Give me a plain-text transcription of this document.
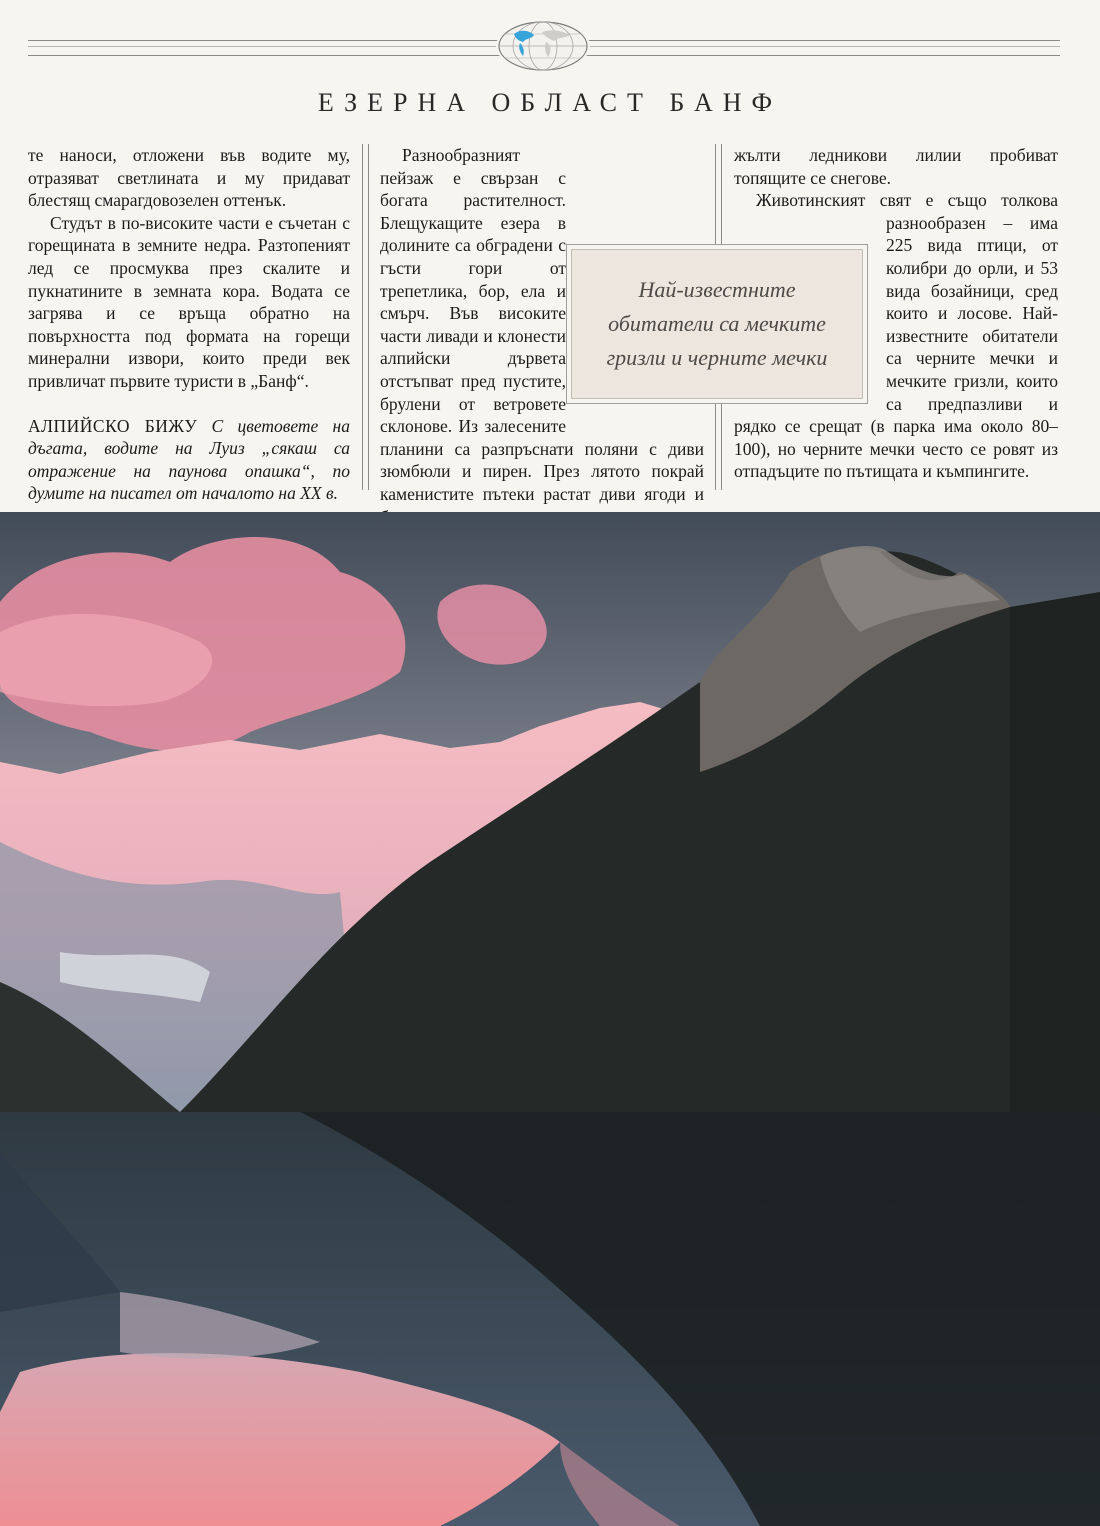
ЕЗЕРНА ОБЛАСТ БАНФ

те наноси, отложени във водите му, отразяват светлината и му придават блестящ смарагдовозелен оттенък.

Студът в по-високите части е съчетан с горещината в земните недра. Разтопеният лед се просмуква през скалите и пукнатините в земната кора. Водата се загрява и се връща обратно на повърхността под формата на горещи минерални извори, които преди век привличат първите туристи в „Банф“.

АЛПИЙСКО БИЖУ С цветовете на дъгата, водите на Луиз „сякаш са отражение на паунова опашка“, по думите на писател от началото на XX в.

Разнообразният пейзаж е свързан с богата растителност. Блещукащите езера в долините са обградени с гъсти гори от трепетлика, бор, ела и смърч. Във високите части ливади и клонести алпийски дървета отстъпват пред пустите, брулени от ветровете склонове. Из залесените планини са разпръснати поляни с диви зюмбюли и пирен. През лятото покрай каменистите пътеки растат диви ягоди и

жълти ледникови лилии пробиват топящите се снегове.

Животинският свят е също толкова разнообразен – има 225 вида птици, от колибри до орли, и 53 вида бозайници, сред които и лосове. Най-известните обитатели са черните мечки и мечките гризли, които са предпазливи и рядко се срещат (в парка има около 80–100), но черните мечки често се ровят из отпадъците по пътищата и къмпингите.

Най-известните обитатели са мечките гризли и черните мечки
